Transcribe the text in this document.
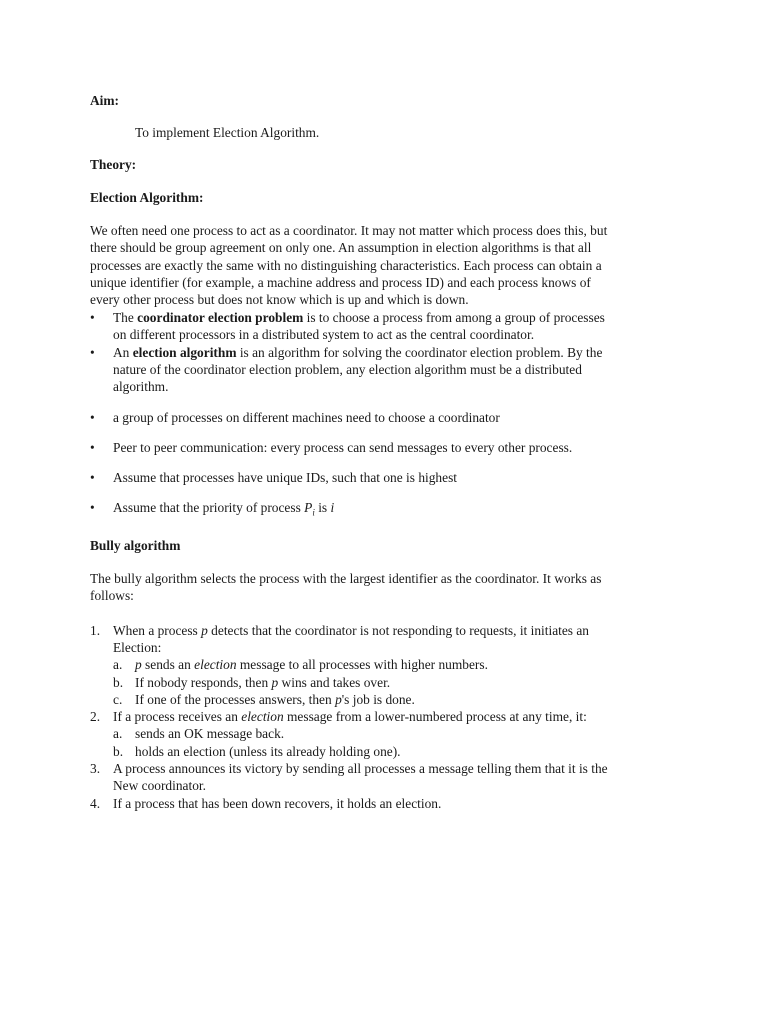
Aim:
To implement Election Algorithm.
Theory:
Election Algorithm:
We often need one process to act as a coordinator. It may not matter which process does this, but
there should be group agreement on only one. An assumption in election algorithms is that all
processes are exactly the same with no distinguishing characteristics. Each process can obtain a
unique identifier (for example, a machine address and process ID) and each process knows of
every other process but does not know which is up and which is down.
• The coordinator election problem is to choose a process from among a group of processes
on different processors in a distributed system to act as the central coordinator.
• An election algorithm is an algorithm for solving the coordinator election problem. By the
nature of the coordinator election problem, any election algorithm must be a distributed
algorithm.
• a group of processes on different machines need to choose a coordinator
• Peer to peer communication: every process can send messages to every other process.
• Assume that processes have unique IDs, such that one is highest
• Assume that the priority of process $P_i$ is i
Bully algorithm
The bully algorithm selects the process with the largest identifier as the coordinator. It works as
follows:
1. When a process p detects that the coordinator is not responding to requests, it initiates an
Election:
a. p sends an election message to all processes with higher numbers.
b. If nobody responds, then p wins and takes over.
c. If one of the processes answers, then p's job is done.
2. If a process receives an election message from a lower-numbered process at any time, it:
a. sends an OK message back.
b. holds an election (unless its already holding one).
3. A process announces its victory by sending all processes a message telling them that it is the
New coordinator.
4. If a process that has been down recovers, it holds an election.
